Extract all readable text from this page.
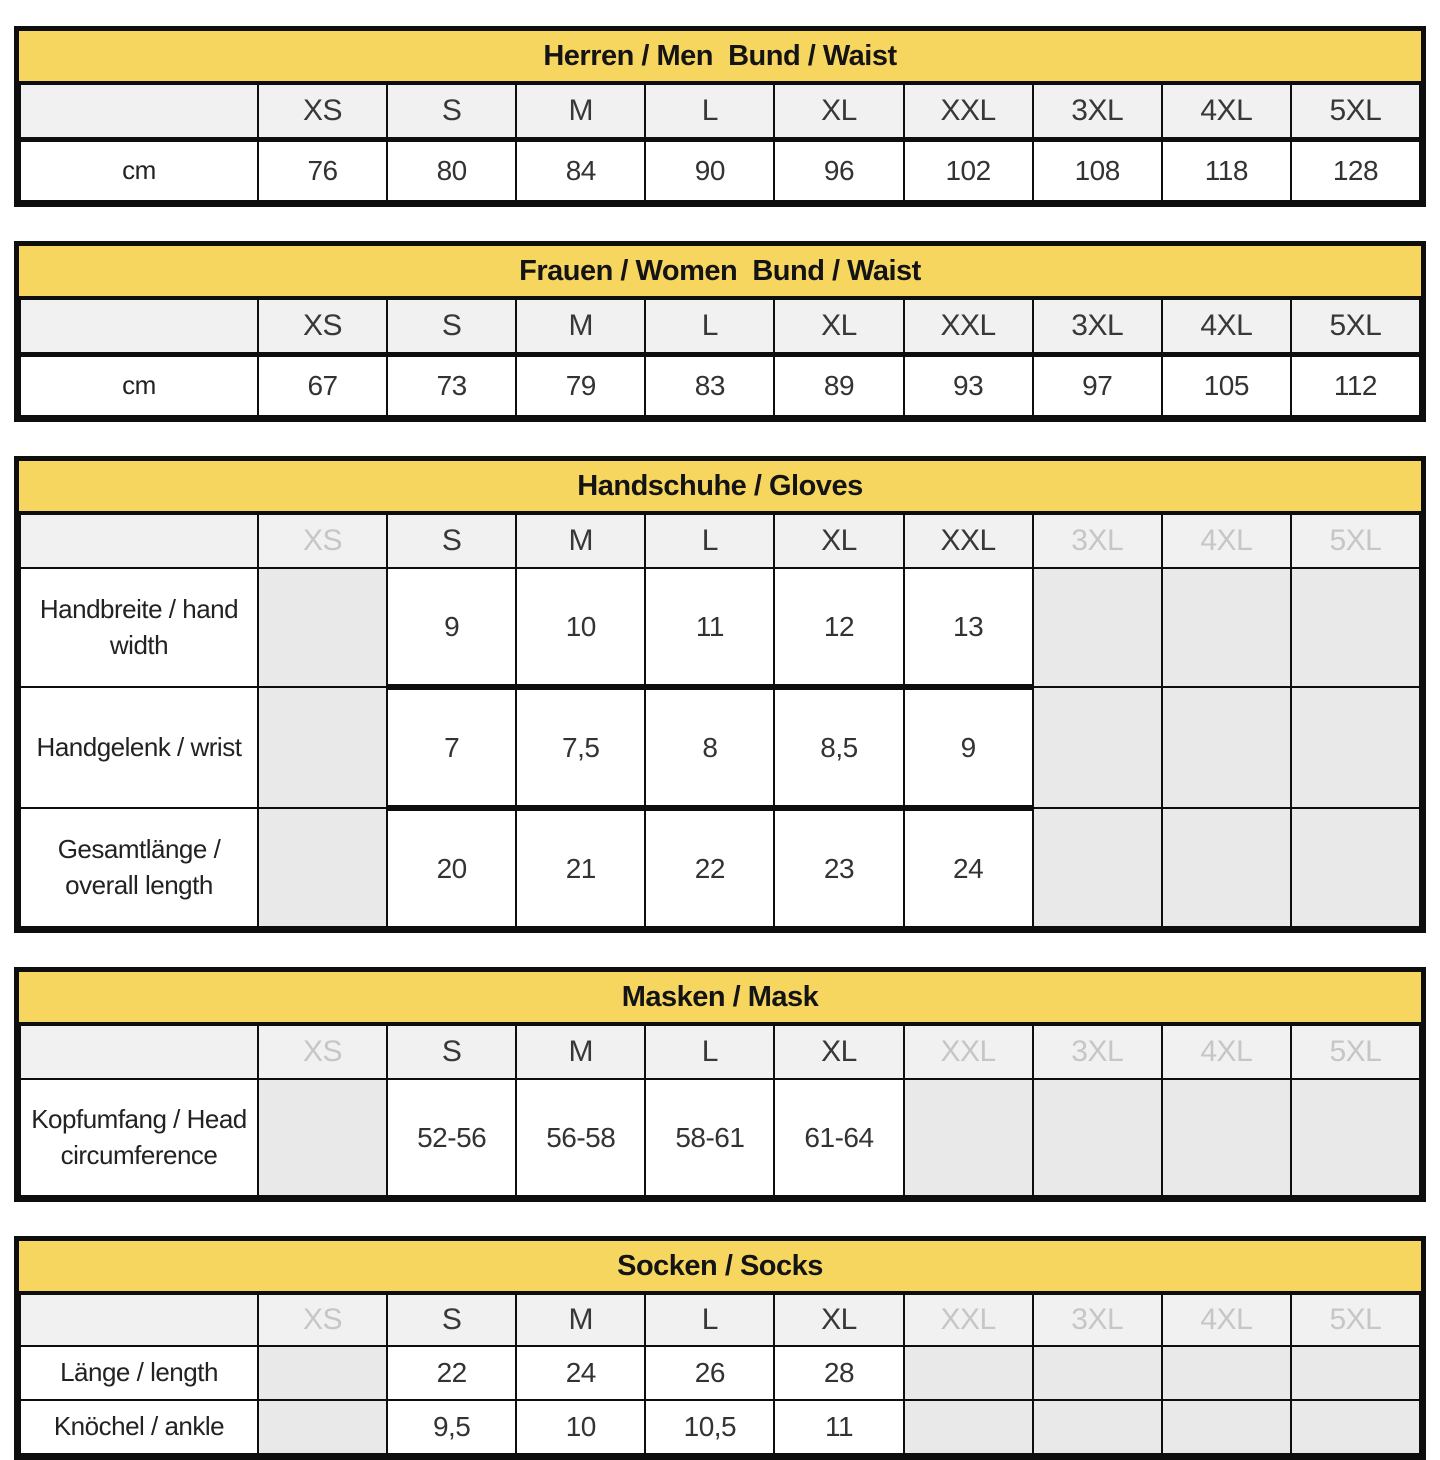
Herren / Men  Bund / Waist
	XS	S	M	L	XL	XXL	3XL	4XL	5XL
cm	76	80	84	90	96	102	108	118	128
Frauen / Women  Bund / Waist
	XS	S	M	L	XL	XXL	3XL	4XL	5XL
cm	67	73	79	83	89	93	97	105	112
Handschuhe / Gloves
	XS	S	M	L	XL	XXL	3XL	4XL	5XL
Handbreite / hand width		9	10	11	12	13			
Handgelenk / wrist		7	7,5	8	8,5	9			
Gesamtlänge / overall length		20	21	22	23	24			
Masken / Mask
	XS	S	M	L	XL	XXL	3XL	4XL	5XL
Kopfumfang / Head circumference		52-56	56-58	58-61	61-64				
Socken / Socks
	XS	S	M	L	XL	XXL	3XL	4XL	5XL
Länge / length		22	24	26	28				
Knöchel / ankle		9,5	10	10,5	11				
